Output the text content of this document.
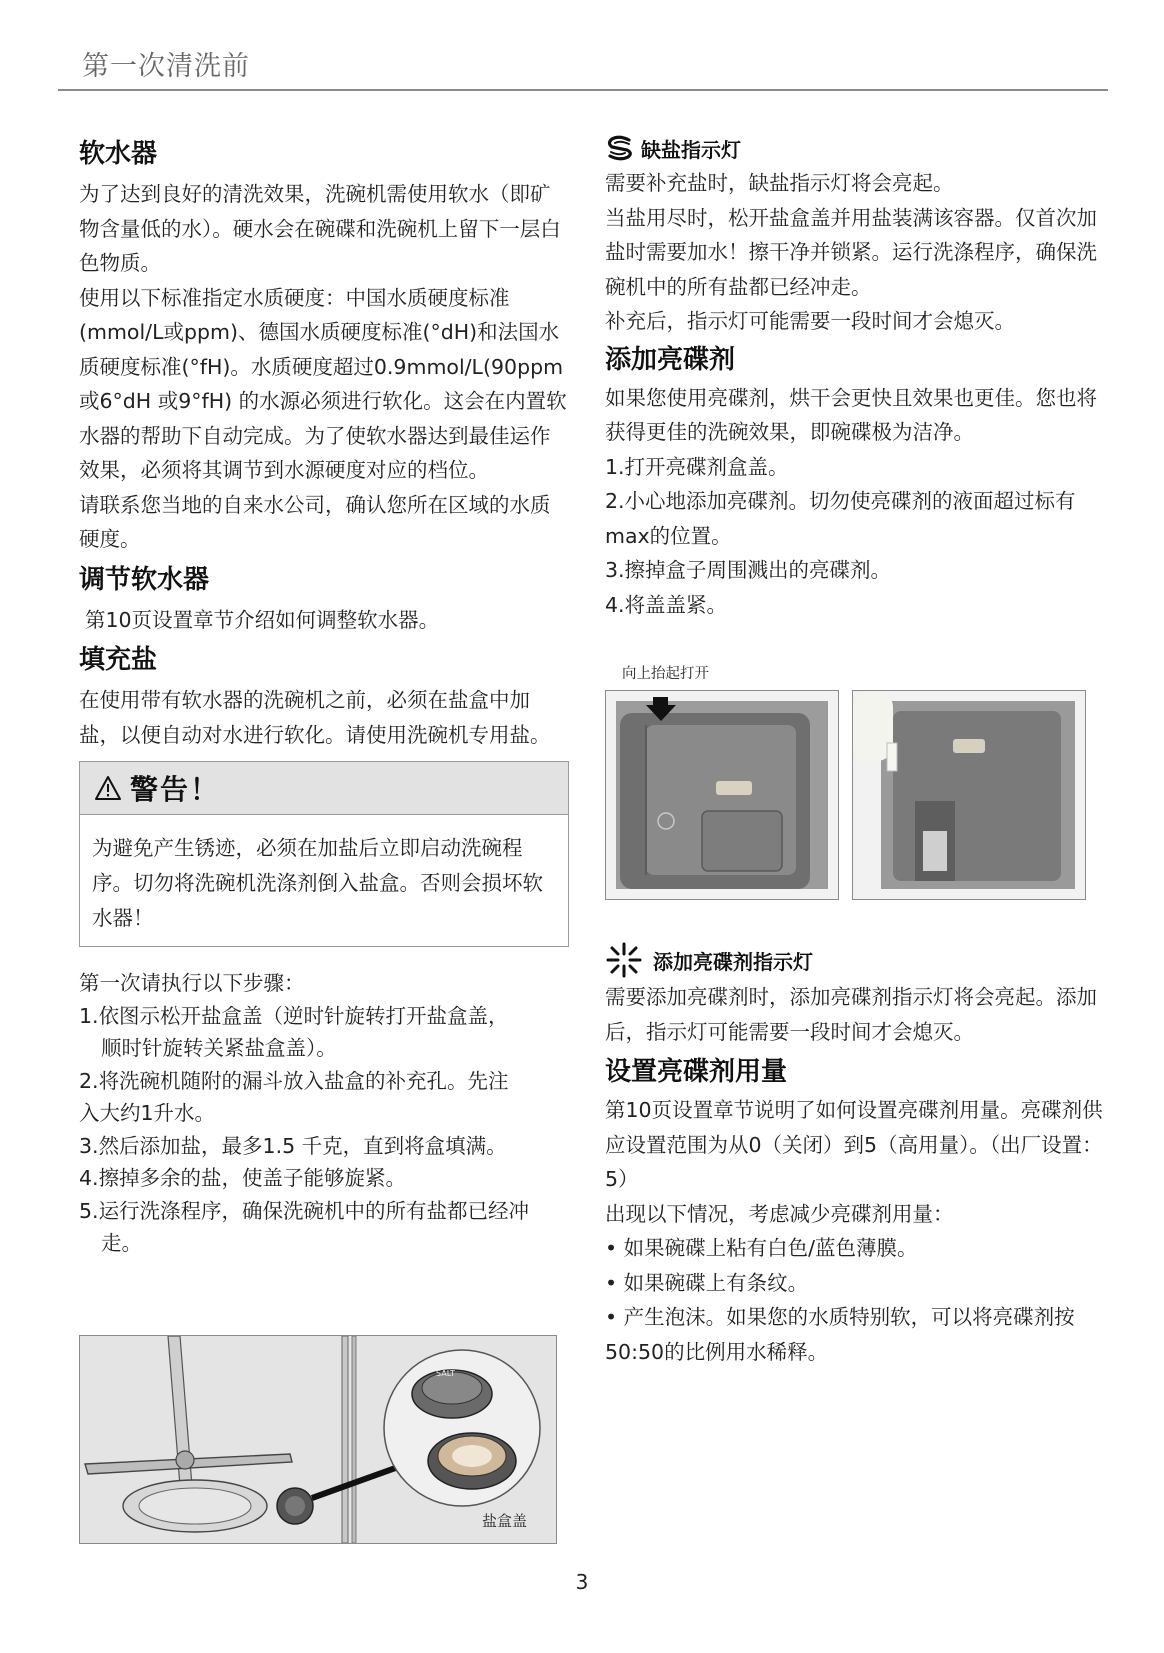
第一次清洗前
软水器

为了达到良好的清洗效果，洗碗机需使用软水（即矿物含量低的水）。硬水会在碗碟和洗碗机上留下一层白色物质。

使用以下标准指定水质硬度：中国水质硬度标准(mmol/L或ppm)、德国水质硬度标准(°dH)和法国水质硬度标准(°fH)。水质硬度超过0.9mmol/L(90ppm或6°dH 或9°fH) 的水源必须进行软化。这会在内置软水器的帮助下自动完成。为了使软水器达到最佳运作效果，必须将其调节到水源硬度对应的档位。

请联系您当地的自来水公司，确认您所在区域的水质硬度。

调节软水器

第10页设置章节介绍如何调整软水器。

填充盐

在使用带有软水器的洗碗机之前，必须在盐盒中加盐，以便自动对水进行软化。请使用洗碗机专用盐。

警告！
为避免产生锈迹，必须在加盐后立即启动洗碗程序。切勿将洗碗机洗涤剂倒入盐盒。否则会损坏软水器！
第一次请执行以下步骤：
1.依图示松开盐盒盖（逆时针旋转打开盐盒盖，
顺时针旋转关紧盐盒盖）。
2.将洗碗机随附的漏斗放入盐盒的补充孔。先注
入大约1升水。
3.然后添加盐，最多1.5 千克，直到将盒填满。
4.擦掉多余的盐，使盖子能够旋紧。
5.运行洗涤程序，确保洗碗机中的所有盐都已经冲
走。
SALT
盐盒盖
缺盐指示灯

需要补充盐时，缺盐指示灯将会亮起。

当盐用尽时，松开盐盒盖并用盐装满该容器。仅首次加盐时需要加水！擦干净并锁紧。运行洗涤程序，确保洗碗机中的所有盐都已经冲走。

补充后，指示灯可能需要一段时间才会熄灭。

添加亮碟剂

如果您使用亮碟剂，烘干会更快且效果也更佳。您也将获得更佳的洗碗效果，即碗碟极为洁净。

1.打开亮碟剂盒盖。

2.小心地添加亮碟剂。切勿使亮碟剂的液面超过标有max的位置。

3.擦掉盒子周围溅出的亮碟剂。

4.将盖盖紧。

向上抬起打开
添加亮碟剂指示灯

需要添加亮碟剂时，添加亮碟剂指示灯将会亮起。添加后，指示灯可能需要一段时间才会熄灭。

设置亮碟剂用量

第10页设置章节说明了如何设置亮碟剂用量。亮碟剂供应设置范围为从0（关闭）到5（高用量）。（出厂设置：5）

出现以下情况，考虑减少亮碟剂用量：

• 如果碗碟上粘有白色/蓝色薄膜。

• 如果碗碟上有条纹。

• 产生泡沫。如果您的水质特别软，可以将亮碟剂按50:50的比例用水稀释。

3
